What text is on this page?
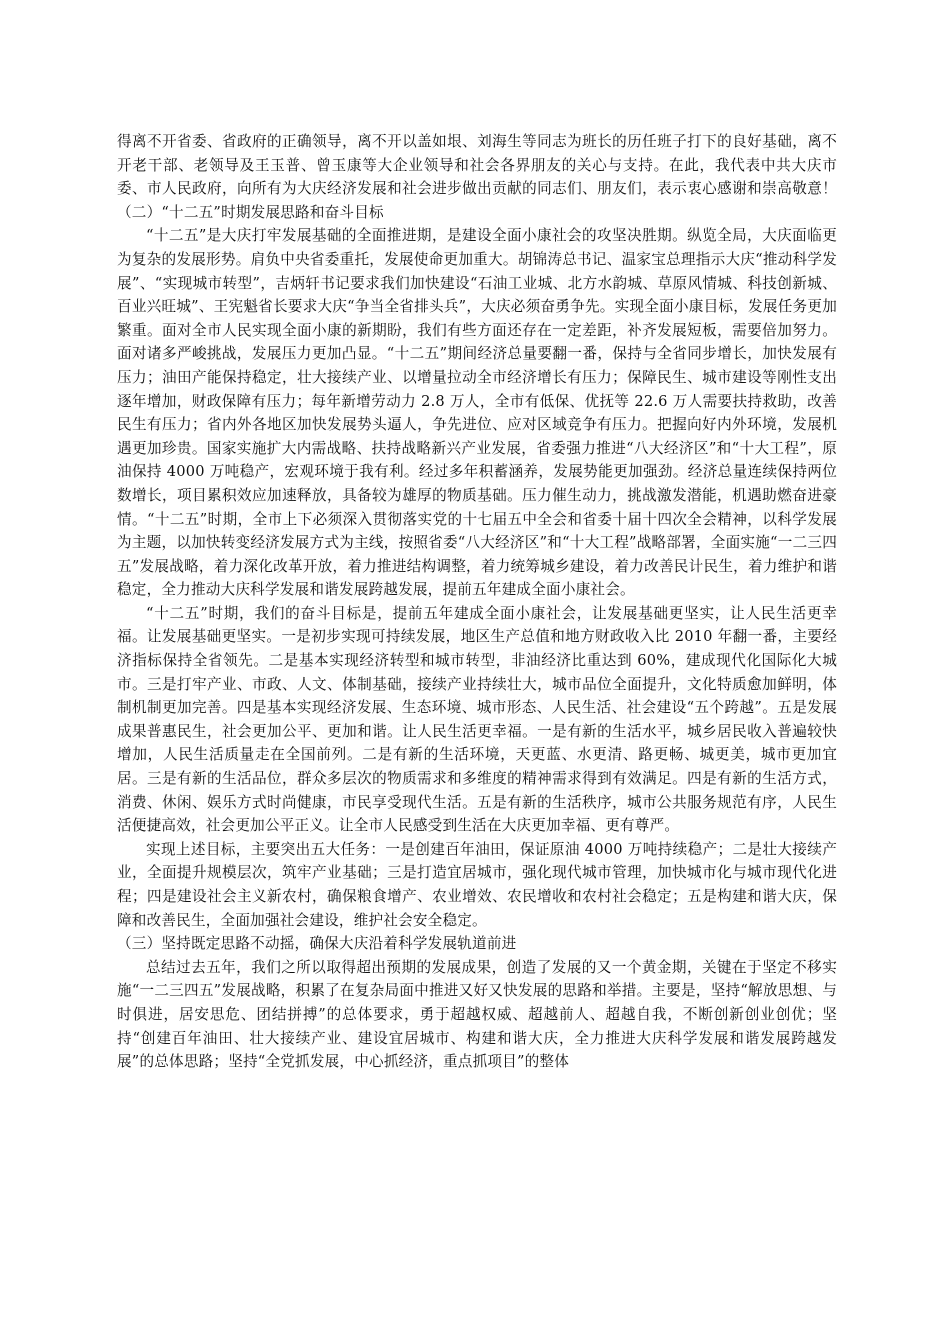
得离不开省委、省政府的正确领导，离不开以盖如垠、刘海生等同志为班长的历任班子打下的良好基础，离不开老干部、老领导及王玉普、曾玉康等大企业领导和社会各界朋友的关心与支持。在此，我代表中共大庆市委、市人民政府，向所有为大庆经济发展和社会进步做出贡献的同志们、朋友们，表示衷心感谢和崇高敬意！ （二）“十二五”时期发展思路和奋斗目标

“十二五”是大庆打牢发展基础的全面推进期，是建设全面小康社会的攻坚决胜期。纵览全局，大庆面临更为复杂的发展形势。肩负中央省委重托，发展使命更加重大。胡锦涛总书记、温家宝总理指示大庆“推动科学发展”、“实现城市转型”，吉炳轩书记要求我们加快建设“石油工业城、北方水韵城、草原风情城、科技创新城、百业兴旺城”、王宪魁省长要求大庆“争当全省排头兵”，大庆必须奋勇争先。实现全面小康目标，发展任务更加繁重。面对全市人民实现全面小康的新期盼，我们有些方面还存在一定差距，补齐发展短板，需要倍加努力。面对诸多严峻挑战，发展压力更加凸显。“十二五”期间经济总量要翻一番，保持与全省同步增长，加快发展有压力；油田产能保持稳定，壮大接续产业、以增量拉动全市经济增长有压力；保障民生、城市建设等刚性支出逐年增加，财政保障有压力；每年新增劳动力 2.8 万人，全市有低保、优抚等 22.6 万人需要扶持救助，改善民生有压力；省内外各地区加快发展势头逼人，争先进位、应对区域竞争有压力。把握向好内外环境，发展机遇更加珍贵。国家实施扩大内需战略、扶持战略新兴产业发展，省委强力推进“八大经济区”和“十大工程”，原油保持 4000 万吨稳产，宏观环境于我有利。经过多年积蓄涵养，发展势能更加强劲。经济总量连续保持两位数增长，项目累积效应加速释放，具备较为雄厚的物质基础。压力催生动力，挑战激发潜能，机遇助燃奋进豪情。“十二五”时期，全市上下必须深入贯彻落实党的十七届五中全会和省委十届十四次全会精神，以科学发展为主题，以加快转变经济发展方式为主线，按照省委“八大经济区”和“十大工程”战略部署，全面实施“一二三四五”发展战略，着力深化改革开放，着力推进结构调整，着力统筹城乡建设，着力改善民计民生，着力维护和谐稳定，全力推动大庆科学发展和谐发展跨越发展，提前五年建成全面小康社会。

“十二五”时期，我们的奋斗目标是，提前五年建成全面小康社会，让发展基础更坚实，让人民生活更幸福。让发展基础更坚实。一是初步实现可持续发展，地区生产总值和地方财政收入比 2010 年翻一番，主要经济指标保持全省领先。二是基本实现经济转型和城市转型，非油经济比重达到 60%，建成现代化国际化大城市。三是打牢产业、市政、人文、体制基础，接续产业持续壮大，城市品位全面提升，文化特质愈加鲜明，体制机制更加完善。四是基本实现经济发展、生态环境、城市形态、人民生活、社会建设“五个跨越”。五是发展成果普惠民生，社会更加公平、更加和谐。让人民生活更幸福。一是有新的生活水平，城乡居民收入普遍较快增加，人民生活质量走在全国前列。二是有新的生活环境，天更蓝、水更清、路更畅、城更美，城市更加宜居。三是有新的生活品位，群众多层次的物质需求和多维度的精神需求得到有效满足。四是有新的生活方式，消费、休闲、娱乐方式时尚健康，市民享受现代生活。五是有新的生活秩序，城市公共服务规范有序，人民生活便捷高效，社会更加公平正义。让全市人民感受到生活在大庆更加幸福、更有尊严。

实现上述目标，主要突出五大任务：一是创建百年油田，保证原油 4000 万吨持续稳产；二是壮大接续产业，全面提升规模层次，筑牢产业基础；三是打造宜居城市，强化现代城市管理，加快城市化与城市现代化进程；四是建设社会主义新农村，确保粮食增产、农业增效、农民增收和农村社会稳定；五是构建和谐大庆，保障和改善民生，全面加强社会建设，维护社会安全稳定。

（三）坚持既定思路不动摇，确保大庆沿着科学发展轨道前进

总结过去五年，我们之所以取得超出预期的发展成果，创造了发展的又一个黄金期，关键在于坚定不移实施“一二三四五”发展战略，积累了在复杂局面中推进又好又快发展的思路和举措。主要是，坚持“解放思想、与时俱进，居安思危、团结拼搏”的总体要求，勇于超越权威、超越前人、超越自我，不断创新创业创优；坚持“创建百年油田、壮大接续产业、建设宜居城市、构建和谐大庆，全力推进大庆科学发展和谐发展跨越发展”的总体思路；坚持“全党抓发展，中心抓经济，重点抓项目”的整体
